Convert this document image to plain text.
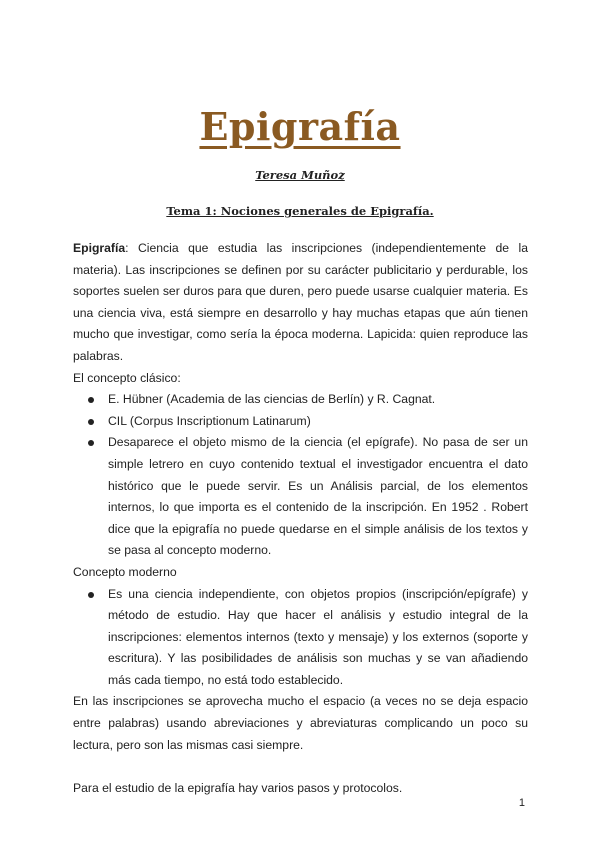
Epigrafía
Teresa Muñoz
Tema 1: Nociones generales de Epigrafía.

Epigrafía: Ciencia que estudia las inscripciones (independientemente de la materia). Las inscripciones se definen por su carácter publicitario y perdurable, los soportes suelen ser duros para que duren, pero puede usarse cualquier materia. Es una ciencia viva, está siempre en desarrollo y hay muchas etapas que aún tienen mucho que investigar, como sería la época moderna. Lapicida: quien reproduce las palabras.

El concepto clásico:

E. Hübner (Academia de las ciencias de Berlín) y R. Cagnat.
CIL (Corpus Inscriptionum Latinarum)
Desaparece el objeto mismo de la ciencia (el epígrafe). No pasa de ser un simple letrero en cuyo contenido textual el investigador encuentra el dato histórico que le puede servir. Es un Análisis parcial, de los elementos internos, lo que importa es el contenido de la inscripción. En 1952 . Robert dice que la epigrafía no puede quedarse en el simple análisis de los textos y se pasa al concepto moderno.

Concepto moderno

Es una ciencia independiente, con objetos propios (inscripción/epígrafe) y método de estudio. Hay que hacer el análisis y estudio integral de la inscripciones: elementos internos (texto y mensaje) y los externos (soporte y escritura). Y las posibilidades de análisis son muchas y se van añadiendo más cada tiempo, no está todo establecido.

En las inscripciones se aprovecha mucho el espacio (a veces no se deja espacio entre palabras) usando abreviaciones y abreviaturas complicando un poco su lectura, pero son las mismas casi siempre.

Para el estudio de la epigrafía hay varios pasos y protocolos.

1
